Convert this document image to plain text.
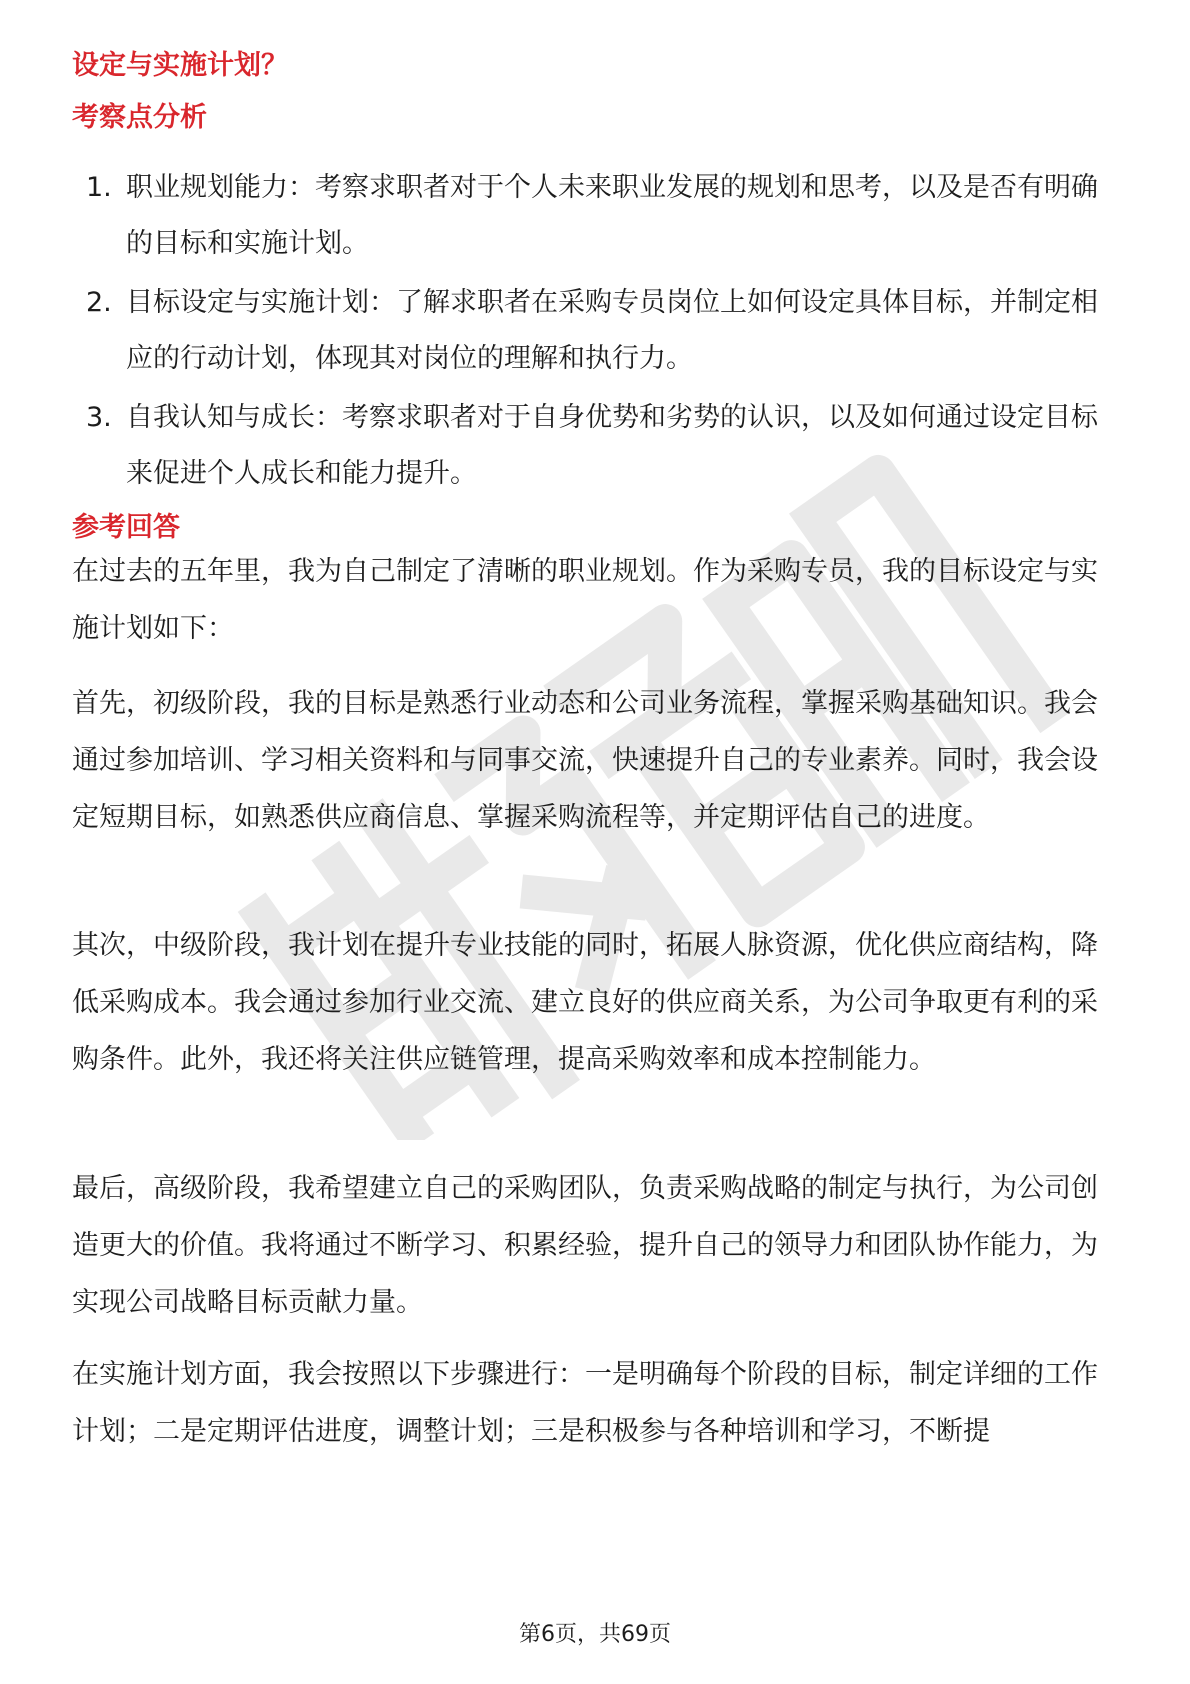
设定与实施计划？
考察点分析
1. 职业规划能力：考察求职者对于个人未来职业发展的规划和思考，以及是否有明确的目标和实施计划。
2. 目标设定与实施计划：了解求职者在采购专员岗位上如何设定具体目标，并制定相应的行动计划，体现其对岗位的理解和执行力。
3. 自我认知与成长：考察求职者对于自身优势和劣势的认识，以及如何通过设定目标来促进个人成长和能力提升。
参考回答

在过去的五年里，我为自己制定了清晰的职业规划。作为采购专员，我的目标设定与实施计划如下：

首先，初级阶段，我的目标是熟悉行业动态和公司业务流程，掌握采购基础知识。我会通过参加培训、学习相关资料和与同事交流，快速提升自己的专业素养。同时，我会设定短期目标，如熟悉供应商信息、掌握采购流程等，并定期评估自己的进度。

其次，中级阶段，我计划在提升专业技能的同时，拓展人脉资源，优化供应商结构，降低采购成本。我会通过参加行业交流、建立良好的供应商关系，为公司争取更有利的采购条件。此外，我还将关注供应链管理，提高采购效率和成本控制能力。

最后，高级阶段，我希望建立自己的采购团队，负责采购战略的制定与执行，为公司创造更大的价值。我将通过不断学习、积累经验，提升自己的领导力和团队协作能力，为实现公司战略目标贡献力量。

在实施计划方面，我会按照以下步骤进行：一是明确每个阶段的目标，制定详细的工作计划；二是定期评估进度，调整计划；三是积极参与各种培训和学习，不断提

第6页，共69页
